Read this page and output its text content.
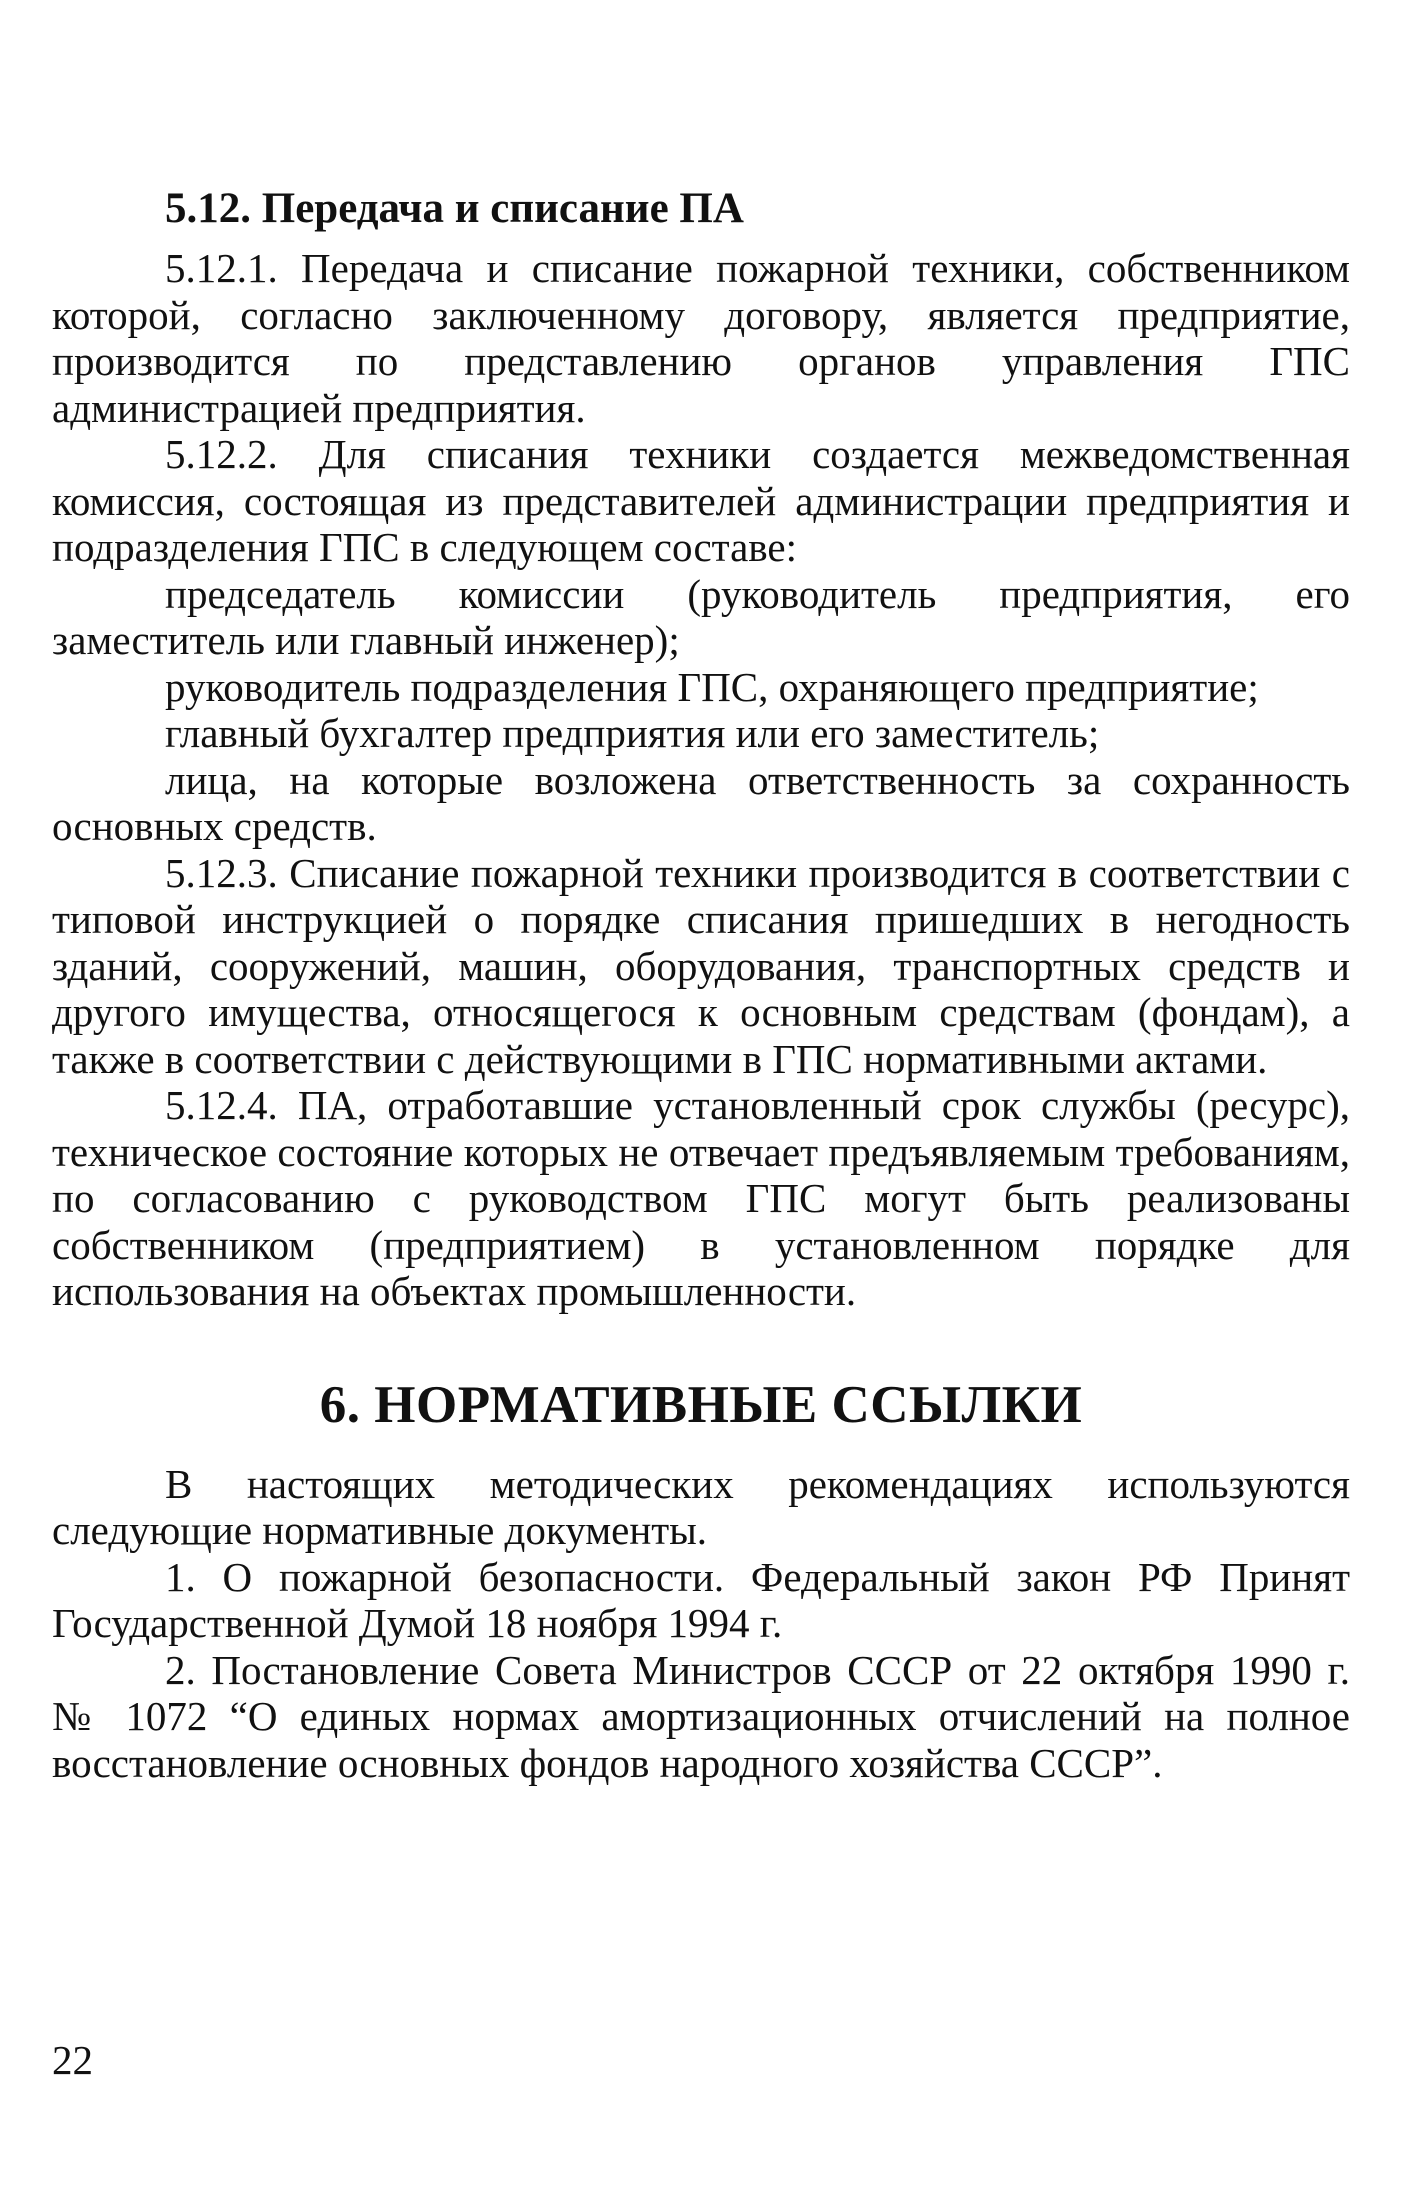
5.12. Передача и списание ПА

5.12.1. Передача и списание пожарной техники, собственником которой, согласно заключенному договору, является предприятие, производится по представлению органов управления ГПС администрацией предприятия.

5.12.2. Для списания техники создается межведомственная комиссия, состоящая из представителей администрации предприятия и подразделения ГПС в следующем составе:

председатель комиссии (руководитель предприятия, его заместитель или главный инженер);

руководитель подразделения ГПС, охраняющего предприятие;

главный бухгалтер предприятия или его заместитель;

лица, на которые возложена ответственность за сохранность основных средств.

5.12.3. Списание пожарной техники производится в соответствии с типовой инструкцией о порядке списания пришедших в негодность зданий, сооружений, машин, оборудования, транспортных средств и другого имущества, относящегося к основным средствам (фондам), а также в соответствии с действующими в ГПС нормативными актами.

5.12.4. ПА, отработавшие установленный срок службы (ресурс), техническое состояние которых не отвечает предъявляемым требованиям, по согласованию с руководством ГПС могут быть реализованы собственником (предприятием) в установленном порядке для использования на объектах промышленности.

6. НОРМАТИВНЫЕ ССЫЛКИ

В настоящих методических рекомендациях используются следующие нормативные документы.

1. О пожарной безопасности. Федеральный закон РФ Принят Государственной Думой 18 ноября 1994 г.

2. Постановление Совета Министров СССР от 22 октября 1990 г. № 1072 “О единых нормах амортизационных отчислений на полное восстановление основных фондов народного хозяйства СССР”.

22
